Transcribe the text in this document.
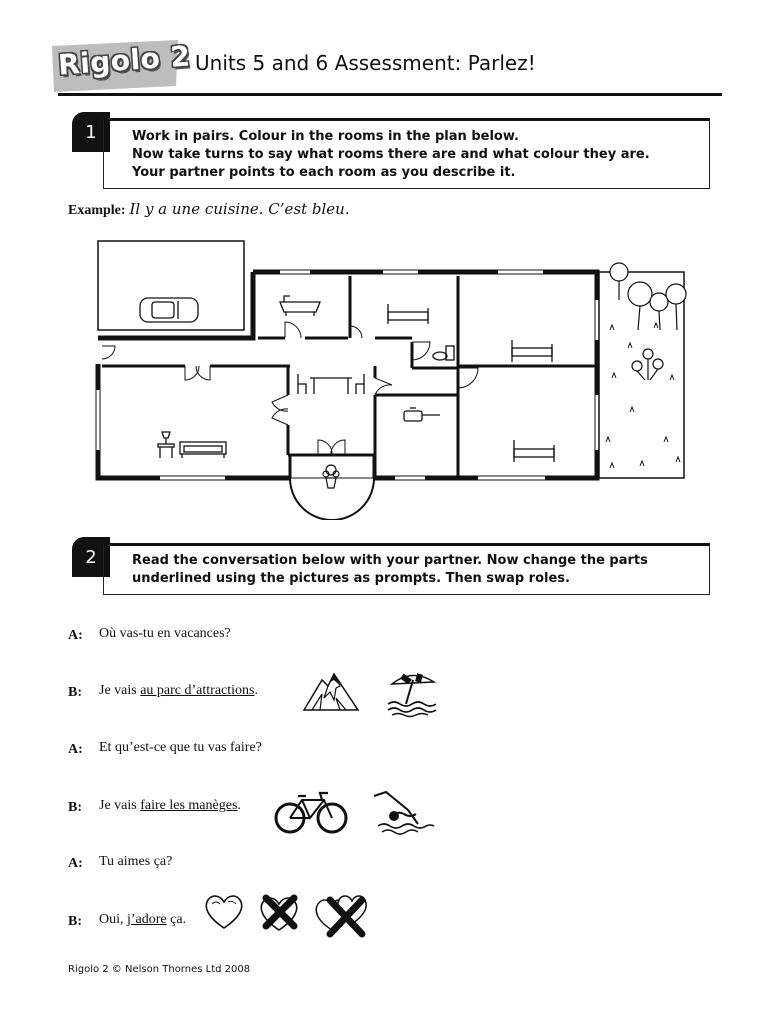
Rigolo 2 Units 5 and 6 Assessment: Parlez!
1	Work in pairs. Colour in the rooms in the plan below.
Now take turns to say what rooms there are and what colour they are.
Your partner points to each room as you describe it.
Example: Il y a une cuisine. C’est bleu.
2	Read the conversation below with your partner. Now change the parts
underlined using the pictures as prompts. Then swap roles.
A: Où vas-tu en vacances?
B: Je vais au parc d’attractions.
A: Et qu’est-ce que tu vas faire?
B: Je vais faire les manèges.
A: Tu aimes ça?
B: Oui, j’adore ça.
Rigolo 2 © Nelson Thornes Ltd 2008
